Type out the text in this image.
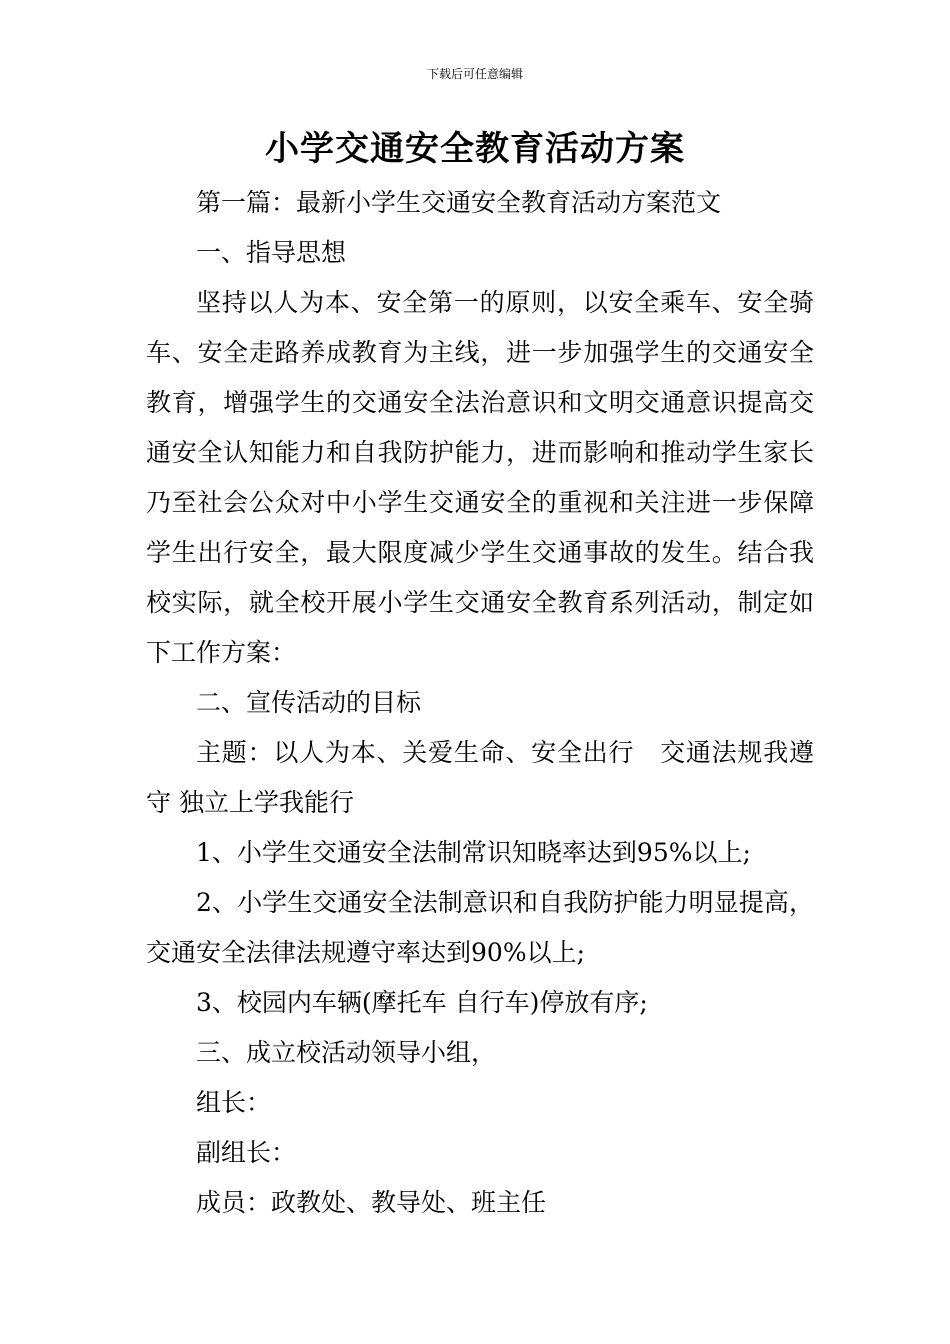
下载后可任意编辑
小学交通安全教育活动方案

第一篇：最新小学生交通安全教育活动方案范文

一、指导思想

坚持以人为本、安全第一的原则，以安全乘车、安全骑车、安全走路养成教育为主线，进一步加强学生的交通安全教育，增强学生的交通安全法治意识和文明交通意识提高交通安全认知能力和自我防护能力，进而影响和推动学生家长乃至社会公众对中小学生交通安全的重视和关注进一步保障学生出行安全，最大限度减少学生交通事故的发生。结合我校实际，就全校开展小学生交通安全教育系列活动，制定如下工作方案：

二、宣传活动的目标

主题：以人为本、关爱生命、安全出行　交通法规我遵守 独立上学我能行

1、小学生交通安全法制常识知晓率达到95%以上;

2、小学生交通安全法制意识和自我防护能力明显提高，交通安全法律法规遵守率达到90%以上;

3、校园内车辆(摩托车 自行车)停放有序;

三、成立校活动领导小组，

组长：

副组长：

成员：政教处、教导处、班主任
